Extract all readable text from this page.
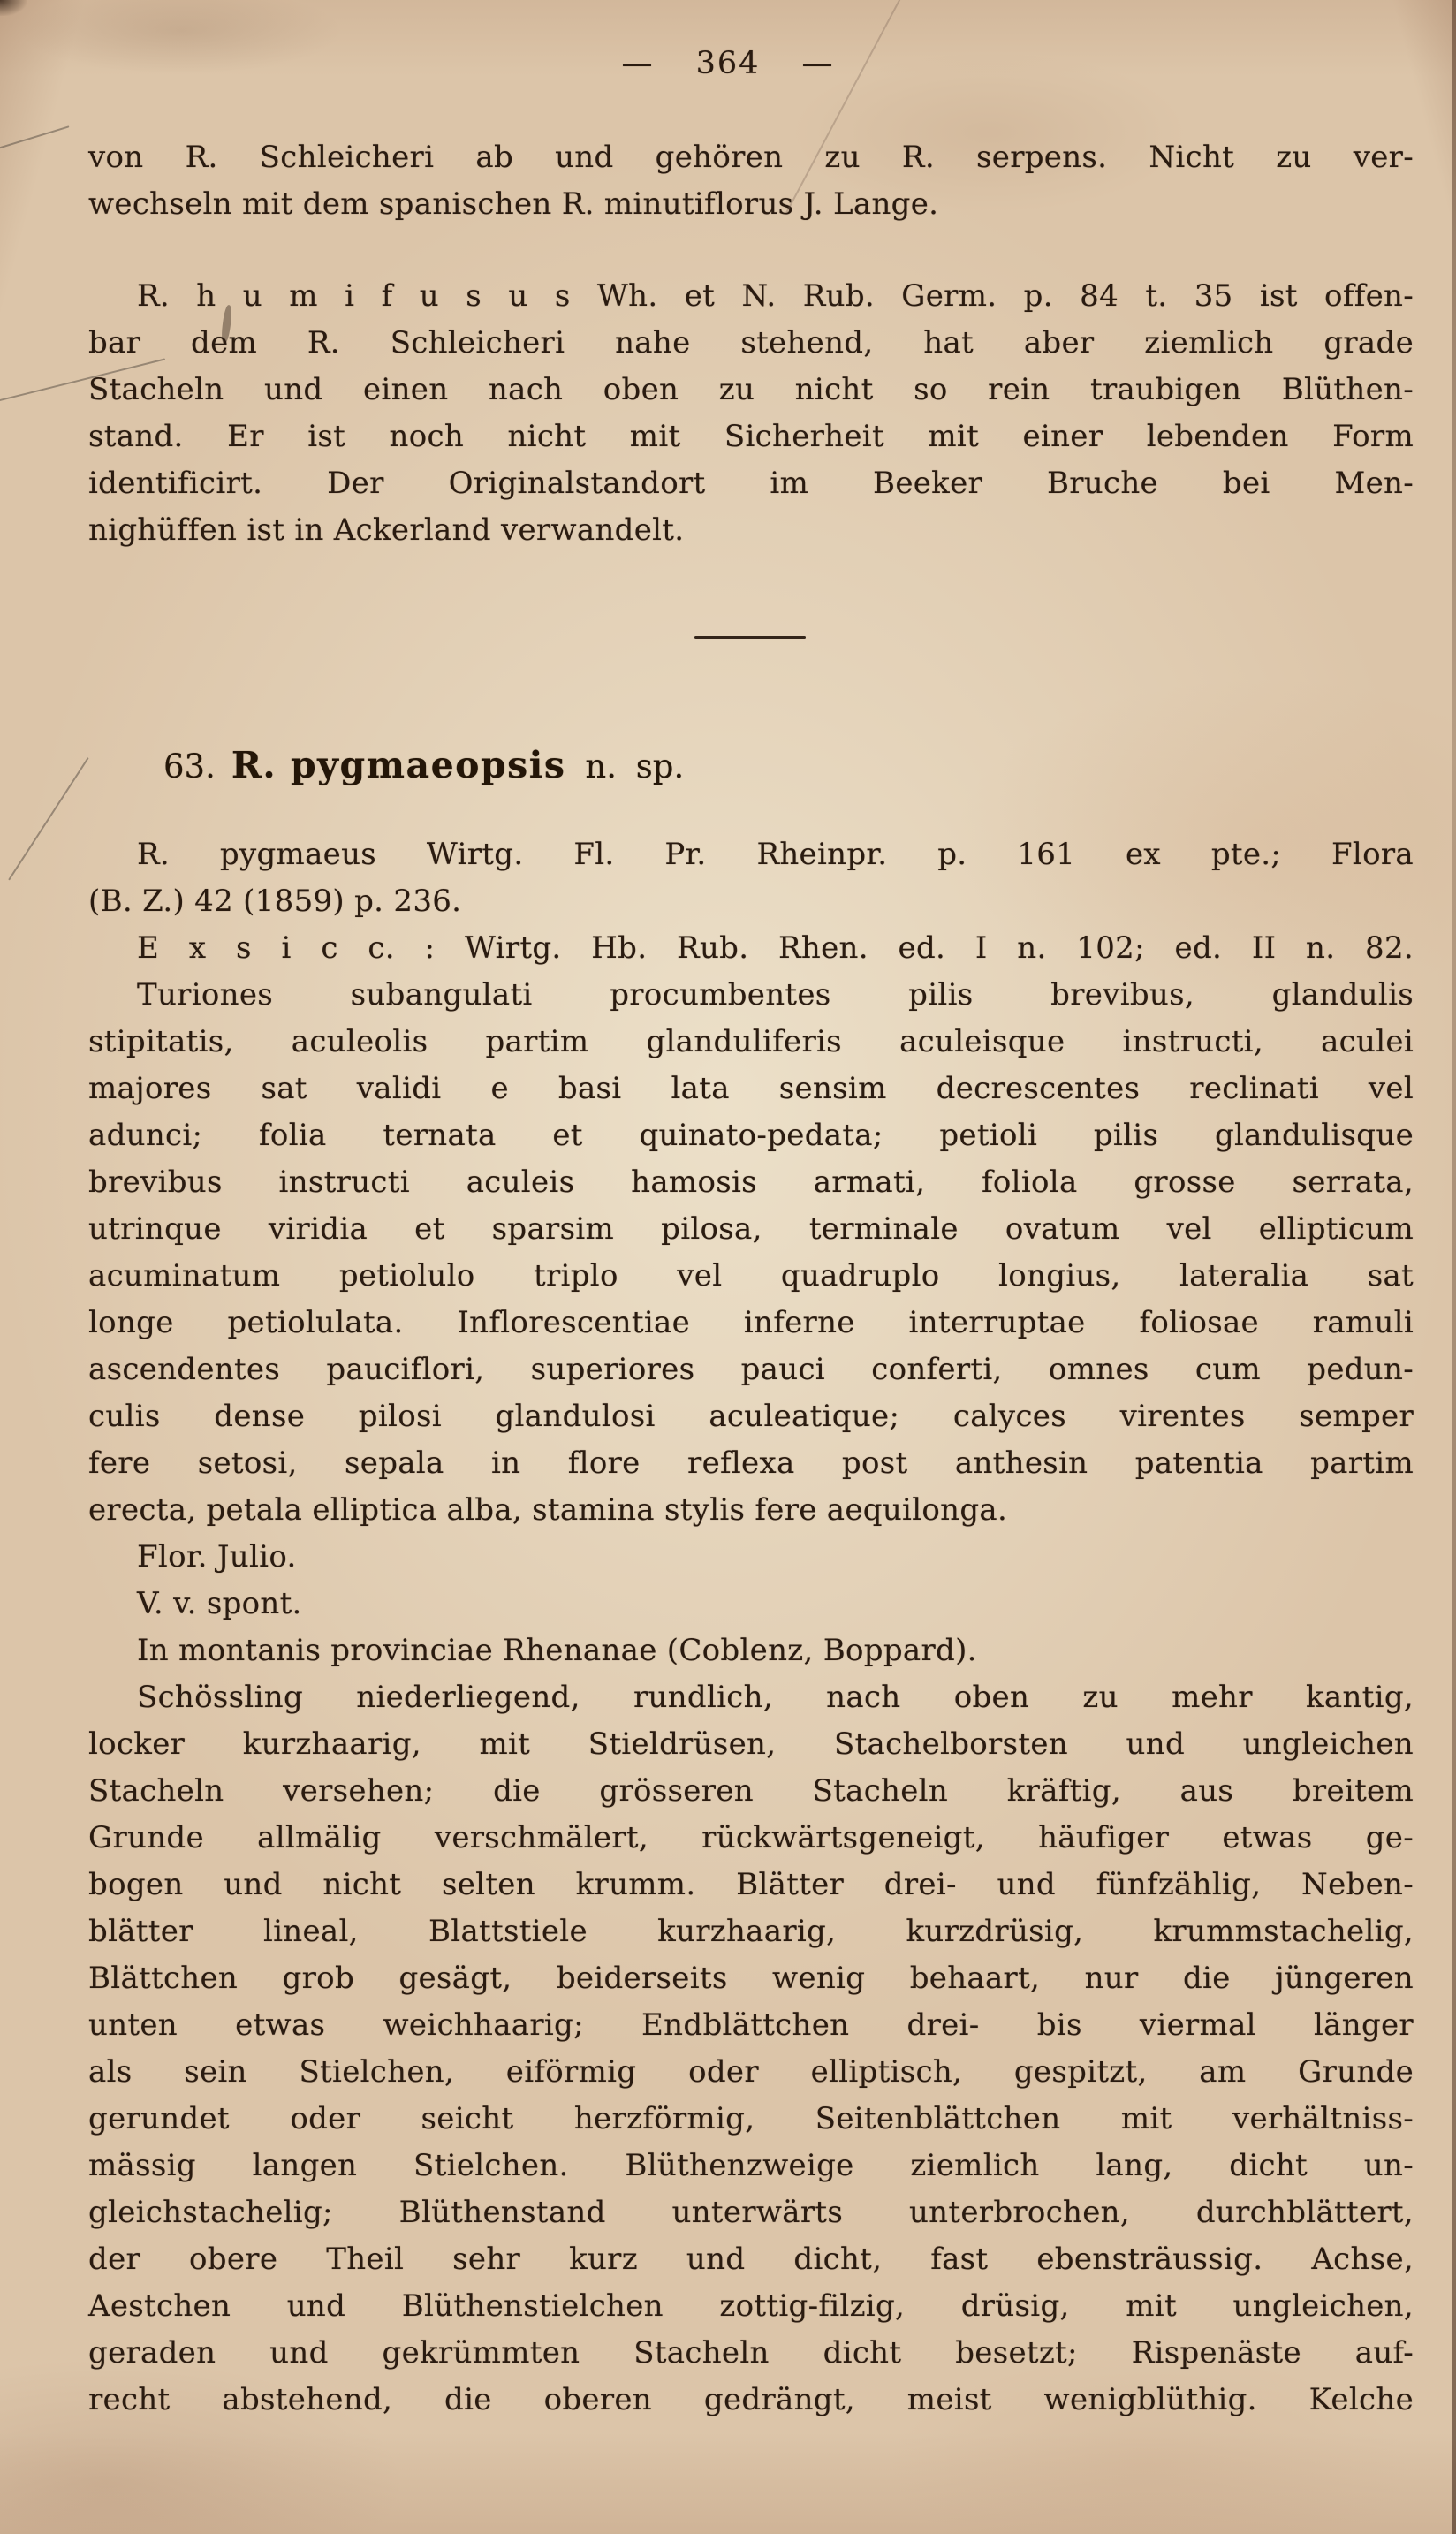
— 364 —
von R. Schleicheri ab und gehören zu R. serpens. Nicht zu ver-
wechseln mit dem spanischen R. minutiflorus J. Lange.
R. h u m i f u s u s Wh. et N. Rub. Germ. p. 84 t. 35 ist offen-
bar dem R. Schleicheri nahe stehend, hat aber ziemlich grade
Stacheln und einen nach oben zu nicht so rein traubigen Blüthen-
stand. Er ist noch nicht mit Sicherheit mit einer lebenden Form
identificirt. Der Originalstandort im Beeker Bruche bei Men-
nighüffen ist in Ackerland verwandelt.
63. R. pygmaeopsis n. sp.
R. pygmaeus Wirtg. Fl. Pr. Rheinpr. p. 161 ex pte.; Flora
(B. Z.) 42 (1859) p. 236.
E x s i c c. : Wirtg. Hb. Rub. Rhen. ed. I n. 102; ed. II n. 82.
Turiones subangulati procumbentes pilis brevibus, glandulis
stipitatis, aculeolis partim glanduliferis aculeisque instructi, aculei
majores sat validi e basi lata sensim decrescentes reclinati vel
adunci; folia ternata et quinato-pedata; petioli pilis glandulisque
brevibus instructi aculeis hamosis armati, foliola grosse serrata,
utrinque viridia et sparsim pilosa, terminale ovatum vel ellipticum
acuminatum petiolulo triplo vel quadruplo longius, lateralia sat
longe petiolulata. Inflorescentiae inferne interruptae foliosae ramuli
ascendentes pauciflori, superiores pauci conferti, omnes cum pedun-
culis dense pilosi glandulosi aculeatique; calyces virentes semper
fere setosi, sepala in flore reflexa post anthesin patentia partim
erecta, petala elliptica alba, stamina stylis fere aequilonga.
Flor. Julio.
V. v. spont.
In montanis provinciae Rhenanae (Coblenz, Boppard).
Schössling niederliegend, rundlich, nach oben zu mehr kantig,
locker kurzhaarig, mit Stieldrüsen, Stachelborsten und ungleichen
Stacheln versehen; die grösseren Stacheln kräftig, aus breitem
Grunde allmälig verschmälert, rückwärtsgeneigt, häufiger etwas ge-
bogen und nicht selten krumm. Blätter drei- und fünfzählig, Neben-
blätter lineal, Blattstiele kurzhaarig, kurzdrüsig, krummstachelig,
Blättchen grob gesägt, beiderseits wenig behaart, nur die jüngeren
unten etwas weichhaarig; Endblättchen drei- bis viermal länger
als sein Stielchen, eiförmig oder elliptisch, gespitzt, am Grunde
gerundet oder seicht herzförmig, Seitenblättchen mit verhältniss-
mässig langen Stielchen. Blüthenzweige ziemlich lang, dicht un-
gleichstachelig; Blüthenstand unterwärts unterbrochen, durchblättert,
der obere Theil sehr kurz und dicht, fast ebensträussig. Achse,
Aestchen und Blüthenstielchen zottig-filzig, drüsig, mit ungleichen,
geraden und gekrümmten Stacheln dicht besetzt; Rispenäste auf-
recht abstehend, die oberen gedrängt, meist wenigblüthig. Kelche
